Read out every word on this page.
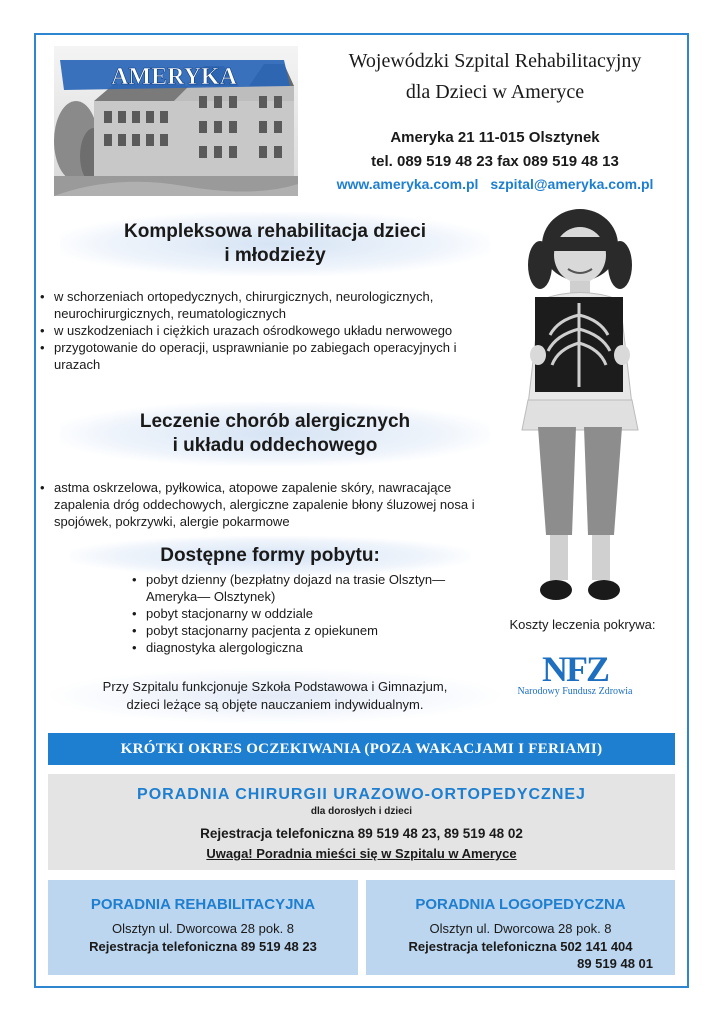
AMERYKA
Wojewódzki Szpital Rehabilitacyjny
dla Dzieci w Ameryce
Ameryka 21 11-015 Olsztynek
tel. 089 519 48 23 fax 089 519 48 13
www.ameryka.com.pl szpital@ameryka.com.pl
Kompleksowa rehabilitacja dzieci
i młodzieży
• w schorzeniach ortopedycznych, chirurgicznych, neurologicznych, neurochirurgicznych, reumatologicznych
• w uszkodzeniach i ciężkich urazach ośrodkowego układu nerwowego
• przygotowanie do operacji, usprawnianie po zabiegach operacyjnych i urazach
Leczenie chorób alergicznych
i układu oddechowego
• astma oskrzelowa, pyłkowica, atopowe zapalenie skóry, nawracające zapalenia dróg oddechowych, alergiczne zapalenie błony śluzowej nosa i spojówek, pokrzywki, alergie pokarmowe
Dostępne formy pobytu:
• pobyt dzienny (bezpłatny dojazd na trasie Olsztyn— Ameryka— Olsztynek)
• pobyt stacjonarny w oddziale
• pobyt stacjonarny pacjenta z opiekunem
• diagnostyka alergologiczna
Przy Szpitalu funkcjonuje Szkoła Podstawowa i Gimnazjum,
dzieci leżące są objęte nauczaniem indywidualnym.
Koszty leczenia pokrywa:
NFZ
Narodowy Fundusz Zdrowia
KRÓTKI OKRES OCZEKIWANIA (POZA WAKACJAMI I FERIAMI)
PORADNIA CHIRURGII URAZOWO-ORTOPEDYCZNEJ
dla dorosłych i dzieci
Rejestracja telefoniczna 89 519 48 23, 89 519 48 02
Uwaga! Poradnia mieści się w Szpitalu w Ameryce
PORADNIA REHABILITACYJNA
Olsztyn ul. Dworcowa 28 pok. 8
Rejestracja telefoniczna 89 519 48 23
PORADNIA LOGOPEDYCZNA
Olsztyn ul. Dworcowa 28 pok. 8
Rejestracja telefoniczna 502 141 404
89 519 48 01
